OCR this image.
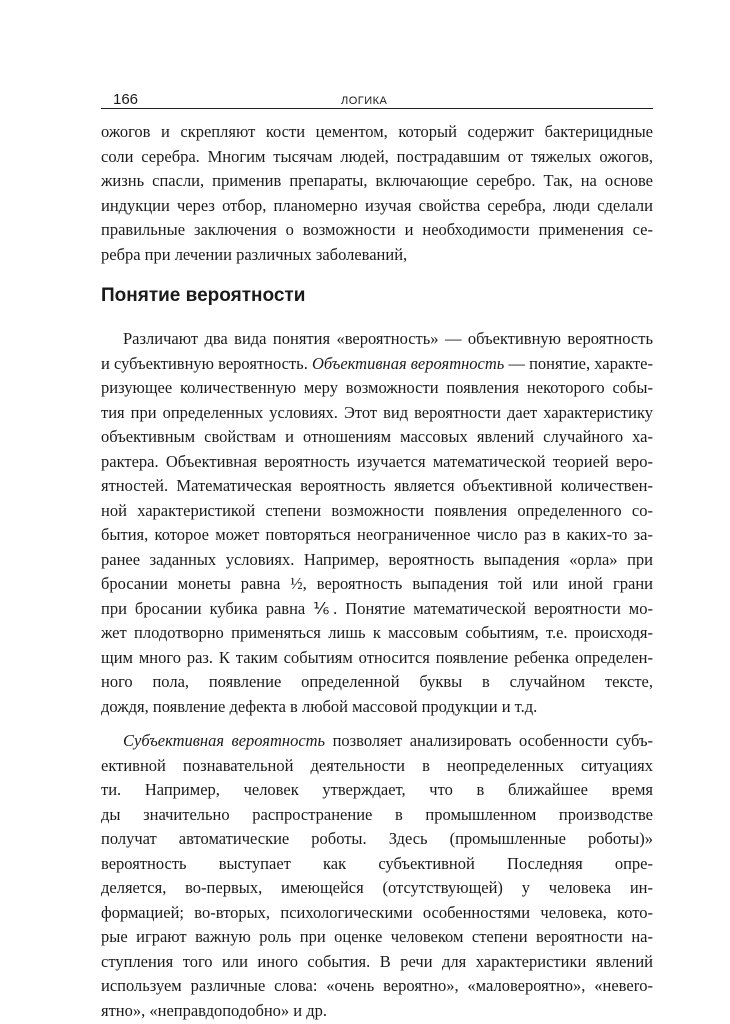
166	ЛОГИКА

ожогов и скрепляют кости цементом, который содержит бактерицидные
соли серебра. Многим тысячам людей, пострадавшим от тяжелых ожогов,
жизнь спасли, применив препараты, включающие серебро. Так, на основе
индукции через отбор, планомерно изучая свойства серебра, люди сделали
правильные заключения о возможности и необходимости применения се-
ребра при лечении различных заболеваний,

Понятие вероятности

Различают два вида понятия «вероятность» — объективную вероятность
и субъективную вероятность. Объективная вероятность — понятие, характе-
ризующее количественную меру возможности появления некоторого собы-
тия при определенных условиях. Этот вид вероятности дает характеристику
объективным свойствам и отношениям массовых явлений случайного ха-
рактера. Объективная вероятность изучается математической теорией веро-
ятностей. Математическая вероятность является объективной количествен-
ной характеристикой степени возможности появления определенного со-
бытия, которое может повторяться неограниченное число раз в каких-то за-
ранее заданных условиях. Например, вероятность выпадения «орла» при
бросании монеты равна ½, вероятность выпадения той или иной грани
при бросании кубика равна ⅙. Понятие математической вероятности мо-
жет плодотворно применяться лишь к массовым событиям, т.е. происходя-
щим много раз. К таким событиям относится появление ребенка определен-
ного пола, появление определенной буквы в случайном тексте,
дождя, появление дефекта в любой массовой продукции и т.д.

Субъективная вероятность позволяет анализировать особенности субъ-
ективной познавательной деятельности в неопределенных ситуациях
ти. Например, человек утверждает, что в ближайшее время
ды значительно распространение в промышленном производстве
получат автоматические роботы. Здесь (промышленные роботы)»
вероятность выступает как субъективной Последняя опре-
деляется, во-первых, имеющейся (отсутствующей) у человека ин-
формацией; во-вторых, психологическими особенностями человека, кото-
рые играют важную роль при оценке человеком степени вероятности на-
ступления того или иного события. В речи для характеристики явлений
используем различные слова: «очень вероятно», «маловероятно», «невero-
ятно», «неправдоподобно» и др.
